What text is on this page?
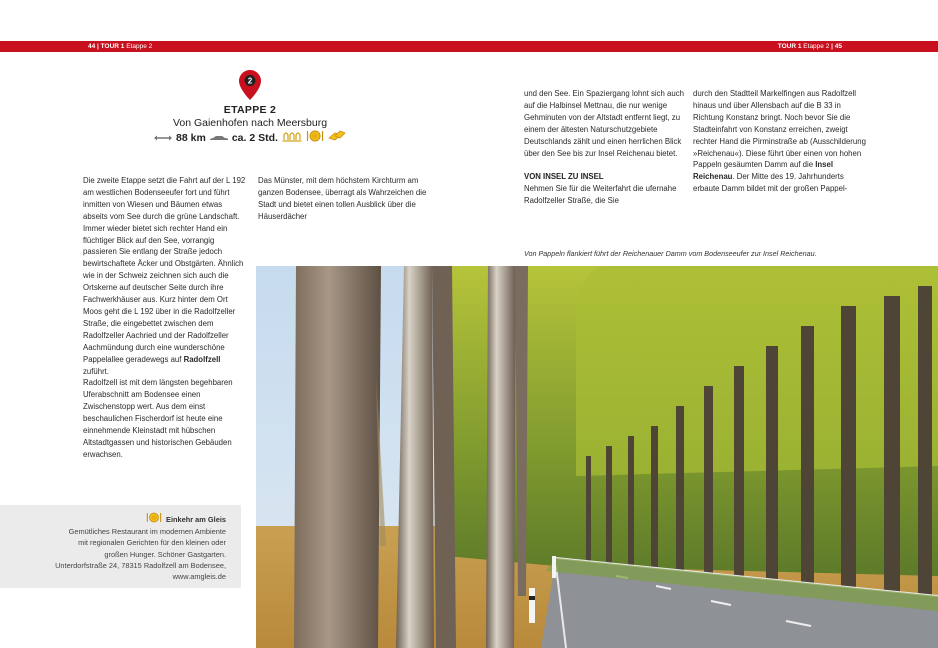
44 | TOUR 1 Etappe 2	TOUR 1 Etappe 2 | 45
2
ETAPPE 2
Von Gaienhofen nach Meersburg
88 km ca. 2 Std.

Die zweite Etappe setzt die Fahrt auf der L 192 am westlichen Bodenseeufer fort und führt inmitten von Wiesen und Bäumen etwas abseits vom See durch die grüne Landschaft. Immer wieder bietet sich rechter Hand ein flüchtiger Blick auf den See, vorrangig passieren Sie entlang der Straße jedoch bewirtschaftete Äcker und Obstgärten. Ähnlich wie in der Schweiz zeichnen sich auch die Ortskerne auf deutscher Seite durch ihre Fachwerkhäuser aus. Kurz hinter dem Ort Moos geht die L 192 über in die Radolfzeller Straße, die eingebettet zwischen dem Radolfzeller Aachried und der Radolfzeller Aachmündung durch eine wunderschöne Pappelallee geradewegs auf Radolfzell zuführt.

Radolfzell ist mit dem längsten begehbaren Uferabschnitt am Bodensee einen Zwischenstopp wert. Aus dem einst beschaulichen Fischerdorf ist heute eine einnehmende Kleinstadt mit hübschen Altstadtgassen und historischen Gebäuden erwachsen.

Das Münster, mit dem höchstem Kirchturm am ganzen Bodensee, überragt als Wahrzeichen die Stadt und bietet einen tollen Ausblick über die Häuserdächer

und den See. Ein Spaziergang lohnt sich auch auf die Halbinsel Mettnau, die nur wenige Gehminuten von der Altstadt entfernt liegt, zu einem der ältesten Naturschutzgebiete Deutschlands zählt und einen herrlichen Blick über den See bis zur Insel Reichenau bietet.

VON INSEL ZU INSEL

Nehmen Sie für die Weiterfahrt die ufernahe Radolfzeller Straße, die Sie

durch den Stadtteil Markelfingen aus Radolfzell hinaus und über Allensbach auf die B 33 in Richtung Konstanz bringt. Noch bevor Sie die Stadteinfahrt von Konstanz erreichen, zweigt rechter Hand die Pirminstraße ab (Ausschilderung »Reichenau«). Diese führt über einen von hohen Pappeln gesäumten Damm auf die Insel Reichenau. Der Mitte des 19. Jahrhunderts erbaute Damm bildet mit der großen Pappel-

Einkehr am Gleis
Gemütliches Restaurant im modernen Ambiente
mit regionalen Gerichten für den kleinen oder
großen Hunger. Schöner Gastgarten.
Unterdorfstraße 24, 78315 Radolfzell am Bodensee,
www.amgleis.de
Von Pappeln flankiert führt der Reichenauer Damm vom Bodenseeufer zur Insel Reichenau.
